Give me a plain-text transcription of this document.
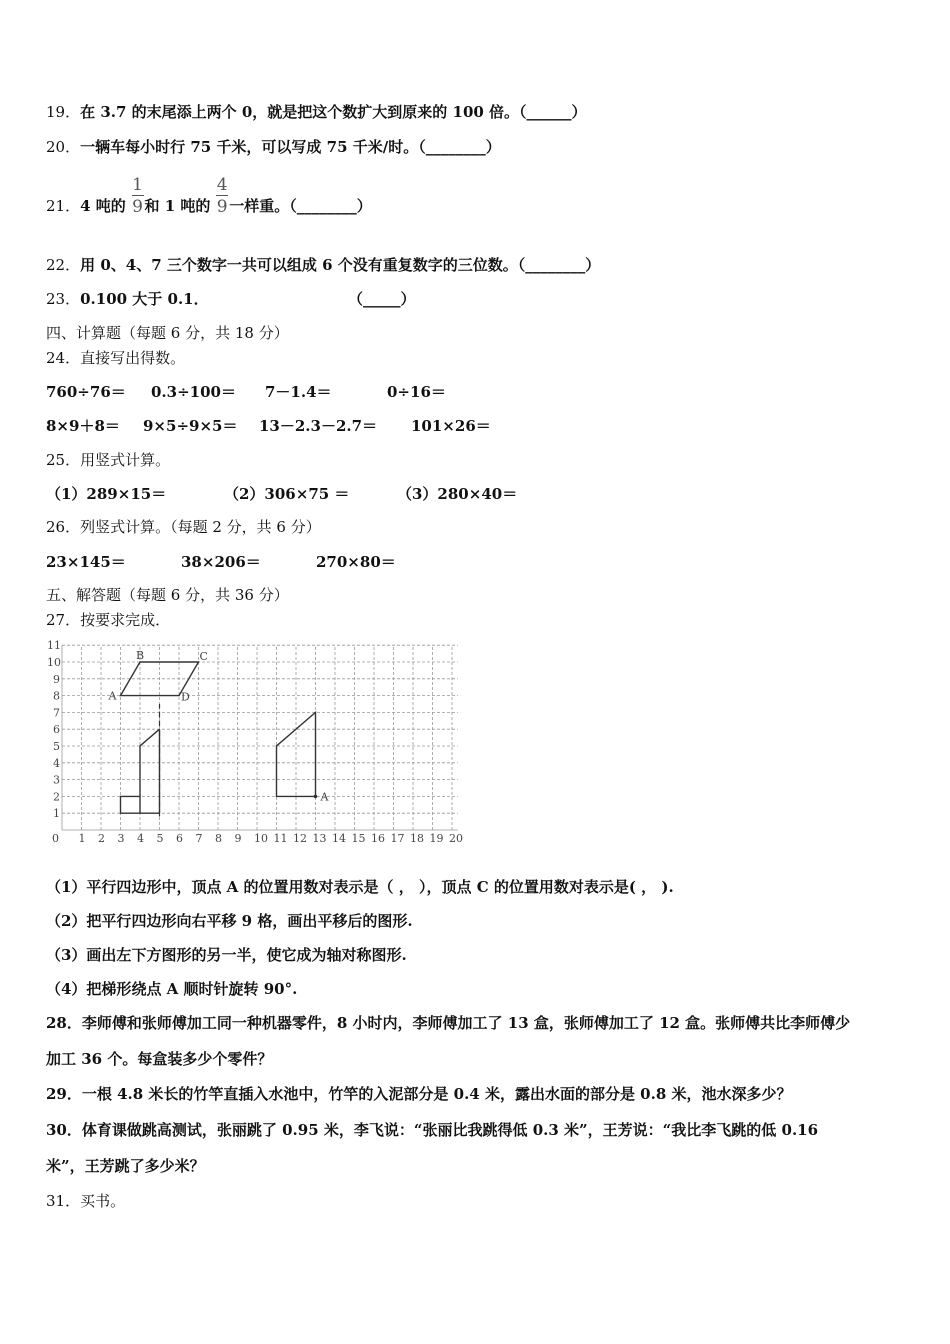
19．在 3.7 的末尾添上两个 0，就是把这个数扩大到原来的 100 倍。（______）
20．一辆车每小时行 75 千米，可以写成 75 千米/时。（________）
21．4 吨的 $\frac{1}{9}$ 和 1 吨的 $\frac{4}{9}$ 一样重。（________）
22．用 0、4、7 三个数字一共可以组成 6 个没有重复数字的三位数。（________）
23．0.100 大于 0.1．	（_____）
四、计算题（每题 6 分，共 18 分）
24．直接写出得数。
760÷76＝ 0.3÷100＝ 7－1.4＝	0÷16＝
8×9＋8＝ 9×5÷9×5＝ 13－2.3－2.7＝ 101×26＝
25．用竖式计算。
（1）289×15＝	（2）306×75 ＝	（3）280×40＝
26．列竖式计算。（每题 2 分，共 6 分）
23×145＝	38×206＝	270×80＝
五、解答题（每题 6 分，共 36 分）
27．按要求完成．
0 1 2 3 4 5 6 7 8 9 10 11 12 13 14 15 16 17 18 19 20
1
2
3
4
5
6
7
8
9
10
11
A
B	C
D
A
（1）平行四边形中，顶点 A 的位置用数对表示是（ ， ），顶点 C 的位置用数对表示是( ， ).
（2）把平行四边形向右平移 9 格，画出平移后的图形.
（3）画出左下方图形的另一半，使它成为轴对称图形.
（4）把梯形绕点 A 顺时针旋转 90°.
28．李师傅和张师傅加工同一种机器零件，8 小时内，李师傅加工了 13 盒，张师傅加工了 12 盒。张师傅共比李师傅少
加工 36 个。每盒装多少个零件？
29．一根 4.8 米长的竹竿直插入水池中，竹竿的入泥部分是 0.4 米，露出水面的部分是 0.8 米，池水深多少？
30．体育课做跳高测试，张丽跳了 0.95 米，李飞说：“张丽比我跳得低 0.3 米”，王芳说：“我比李飞跳的低 0.16
米”，王芳跳了多少米？
31．买书。
